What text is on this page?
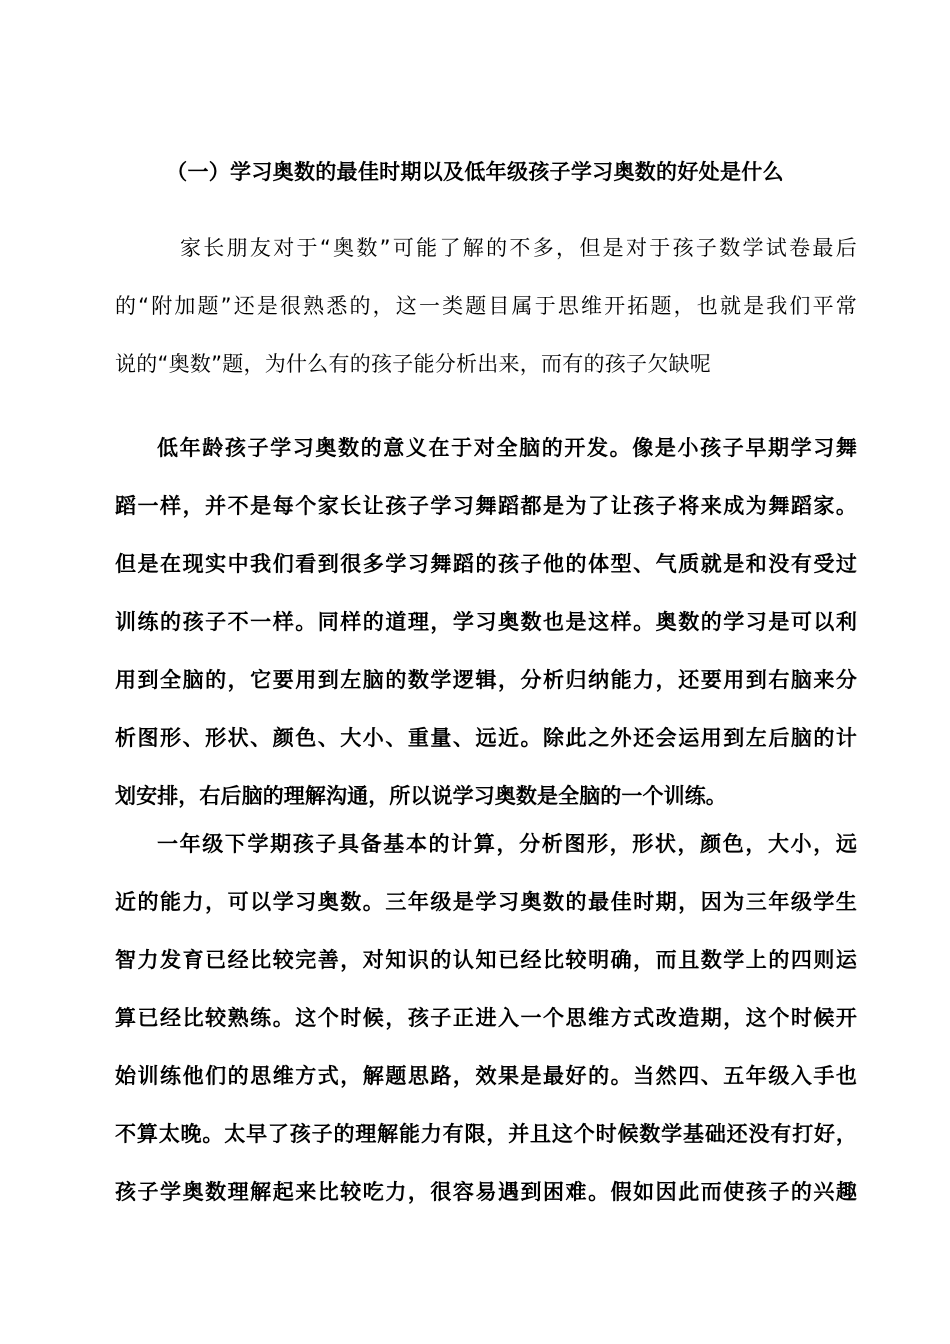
（一）学习奥数的最佳时期以及低年级孩子学习奥数的好处是什么

家长朋友对于“奥数”可能了解的不多，但是对于孩子数学试卷最后

的“附加题”还是很熟悉的，这一类题目属于思维开拓题，也就是我们平常

说的“奥数”题，为什么有的孩子能分析出来，而有的孩子欠缺呢

低年龄孩子学习奥数的意义在于对全脑的开发。像是小孩子早期学习舞

蹈一样，并不是每个家长让孩子学习舞蹈都是为了让孩子将来成为舞蹈家。

但是在现实中我们看到很多学习舞蹈的孩子他的体型、气质就是和没有受过

训练的孩子不一样。同样的道理，学习奥数也是这样。奥数的学习是可以利

用到全脑的，它要用到左脑的数学逻辑，分析归纳能力，还要用到右脑来分

析图形、形状、颜色、大小、重量、远近。除此之外还会运用到左后脑的计

划安排，右后脑的理解沟通，所以说学习奥数是全脑的一个训练。

一年级下学期孩子具备基本的计算，分析图形，形状，颜色，大小，远

近的能力，可以学习奥数。三年级是学习奥数的最佳时期，因为三年级学生

智力发育已经比较完善，对知识的认知已经比较明确，而且数学上的四则运

算已经比较熟练。这个时候，孩子正进入一个思维方式改造期，这个时候开

始训练他们的思维方式，解题思路，效果是最好的。当然四、五年级入手也

不算太晚。太早了孩子的理解能力有限，并且这个时候数学基础还没有打好，

孩子学奥数理解起来比较吃力，很容易遇到困难。假如因此而使孩子的兴趣
